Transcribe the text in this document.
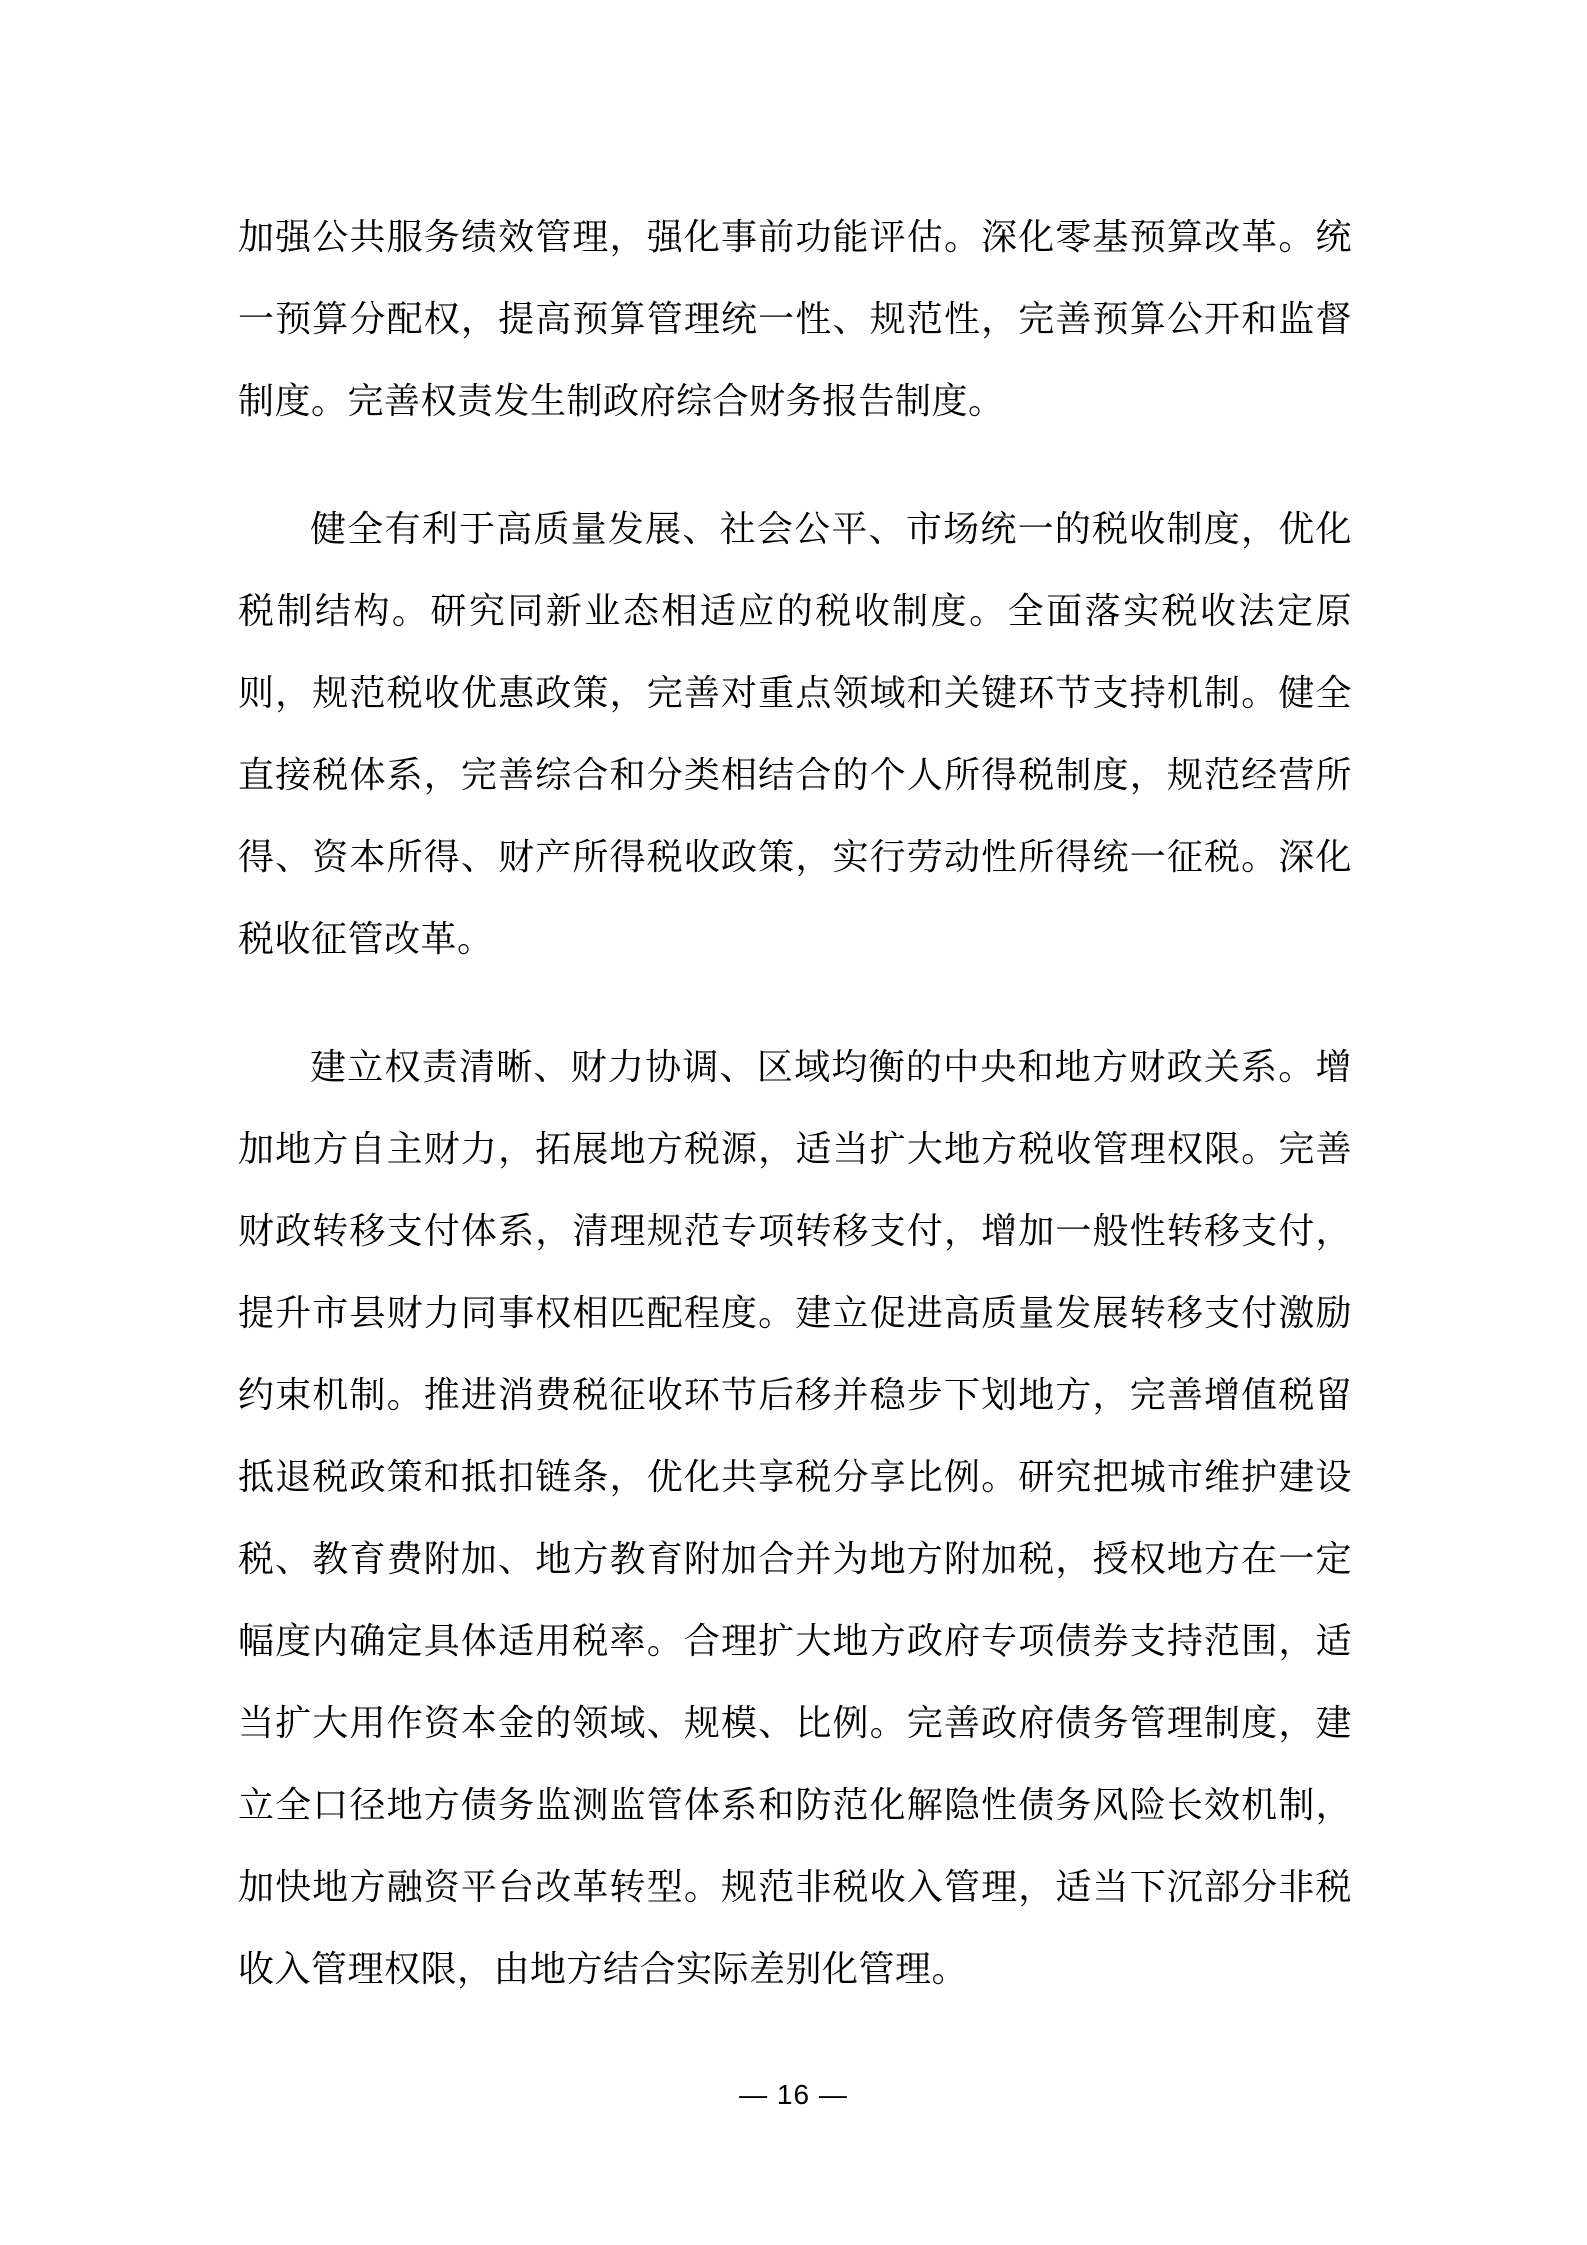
加强公共服务绩效管理，强化事前功能评估。深化零基预算改革。统一预算分配权，提高预算管理统一性、规范性，完善预算公开和监督制度。完善权责发生制政府综合财务报告制度。

健全有利于高质量发展、社会公平、市场统一的税收制度，优化税制结构。研究同新业态相适应的税收制度。全面落实税收法定原则，规范税收优惠政策，完善对重点领域和关键环节支持机制。健全直接税体系，完善综合和分类相结合的个人所得税制度，规范经营所得、资本所得、财产所得税收政策，实行劳动性所得统一征税。深化税收征管改革。

建立权责清晰、财力协调、区域均衡的中央和地方财政关系。增加地方自主财力，拓展地方税源，适当扩大地方税收管理权限。完善财政转移支付体系，清理规范专项转移支付，增加一般性转移支付，提升市县财力同事权相匹配程度。建立促进高质量发展转移支付激励约束机制。推进消费税征收环节后移并稳步下划地方，完善增值税留抵退税政策和抵扣链条，优化共享税分享比例。研究把城市维护建设税、教育费附加、地方教育附加合并为地方附加税，授权地方在一定幅度内确定具体适用税率。合理扩大地方政府专项债券支持范围，适当扩大用作资本金的领域、规模、比例。完善政府债务管理制度，建立全口径地方债务监测监管体系和防范化解隐性债务风险长效机制，加快地方融资平台改革转型。规范非税收入管理，适当下沉部分非税收入管理权限，由地方结合实际差别化管理。

— 16 —
